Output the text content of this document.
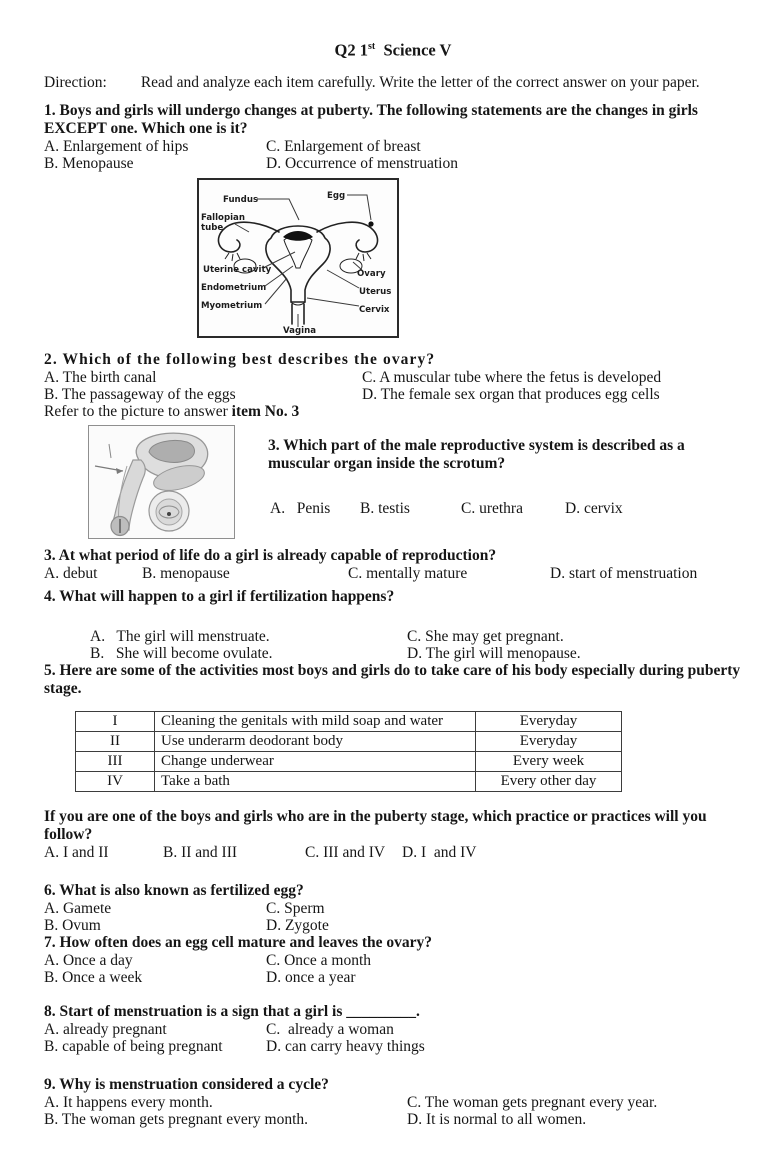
Q2 1st  Science V
Direction: Read and analyze each item carefully. Write the letter of the correct answer on your paper.
1. Boys and girls will undergo changes at puberty. The following statements are the changes in girls EXCEPT one. Which one is it?
A. Enlargement of hips	C. Enlargement of breast
B. Menopause	D. Occurrence of menstruation
Fundus	Egg
Fallopian
tube
Uterine cavity
Endometrium
Myometrium
Ovary
Uterus
Cervix
Vagina
2. Which of the following best describes the ovary?
A. The birth canal	C. A muscular tube where the fetus is developed
B. The passageway of the eggs	D. The female sex organ that produces egg cells
Refer to the picture to answer item No. 3
3. Which part of the male reproductive system is described as a muscular organ inside the scrotum?
A.   Penis	B. testis	C. urethra	D. cervix
3. At what period of life do a girl is already capable of reproduction?
A. debut	B. menopause	C. mentally mature	D. start of menstruation
4. What will happen to a girl if fertilization happens?
A.   The girl will menstruate.	C. She may get pregnant.
B.   She will become ovulate.	D. The girl will menopause.
5. Here are some of the activities most boys and girls do to take care of his body especially during puberty stage.
I	Cleaning the genitals with mild soap and water	Everyday
II	Use underarm deodorant body	Everyday
III	Change underwear	Every week
IV	Take a bath	Every other day
If you are one of the boys and girls who are in the puberty stage, which practice or practices will you follow?
A. I and II	B. II and III	C. III and IV	D. I  and IV
6. What is also known as fertilized egg?
A. Gamete	C. Sperm
B. Ovum	D. Zygote
7. How often does an egg cell mature and leaves the ovary?
A. Once a day	C. Once a month
B. Once a week	D. once a year
8. Start of menstruation is a sign that a girl is _________.
A. already pregnant	C.  already a woman
B. capable of being pregnant	D. can carry heavy things
9. Why is menstruation considered a cycle?
A. It happens every month.	C. The woman gets pregnant every year.
B. The woman gets pregnant every month.	D. It is normal to all women.
